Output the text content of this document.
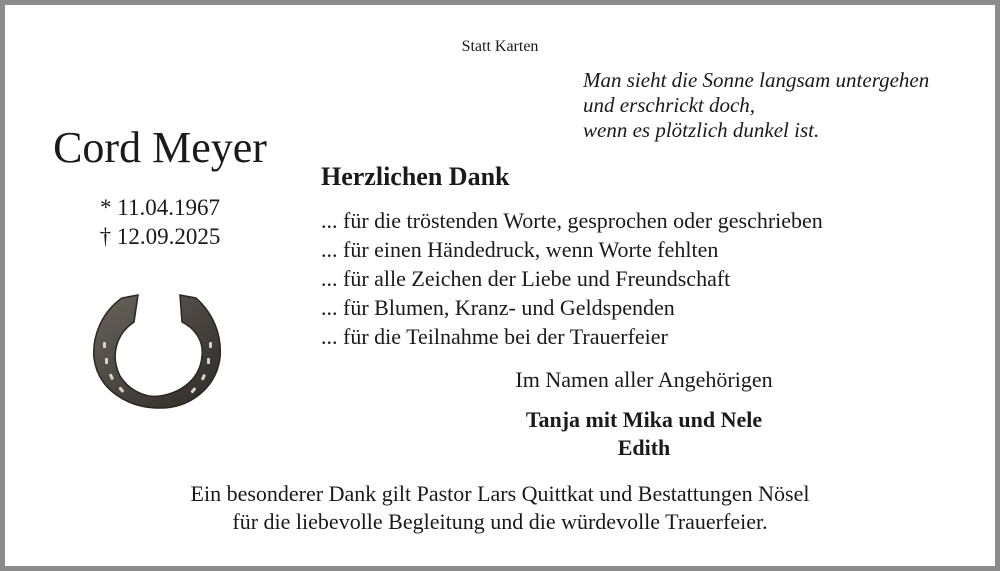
Statt Karten
Man sieht die Sonne langsam untergehen
und erschrickt doch,
wenn es plötzlich dunkel ist.
Cord Meyer
* 11.04.1967
† 12.09.2025
Herzlichen Dank
... für die tröstenden Worte, gesprochen oder geschrieben
... für einen Händedruck, wenn Worte fehlten
... für alle Zeichen der Liebe und Freundschaft
... für Blumen, Kranz- und Geldspenden
... für die Teilnahme bei der Trauerfeier
Im Namen aller Angehörigen
Tanja mit Mika und Nele
Edith
Ein besonderer Dank gilt Pastor Lars Quittkat und Bestattungen Nösel
für die liebevolle Begleitung und die würdevolle Trauerfeier.
